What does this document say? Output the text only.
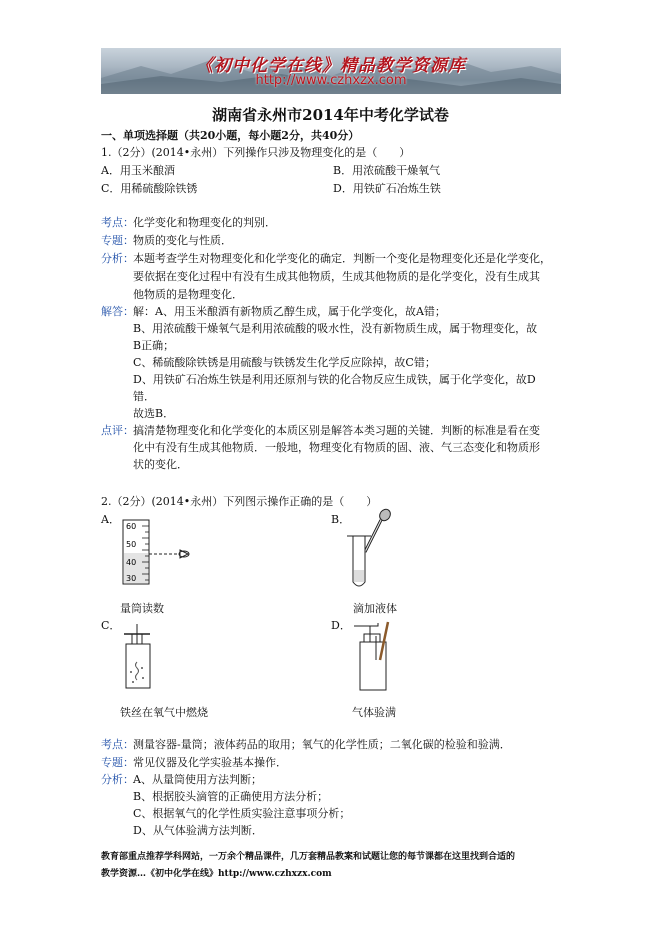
《初中化学在线》精品教学资源库
http://www.czhxzx.com
湖南省永州市2014年中考化学试卷
一、单项选择题（共20小题，每小题2分，共40分）
1.（2分）(2014•永州）下列操作只涉及物理变化的是（　　）
A．用玉米酿酒	B．用浓硫酸干燥氧气
C．用稀硫酸除铁锈	D．用铁矿石冶炼生铁
考点： 化学变化和物理变化的判别．
专题： 物质的变化与性质．
分析： 本题考查学生对物理变化和化学变化的确定．判断一个变化是物理变化还是化学变化，
要依据在变化过程中有没有生成其他物质，生成其他物质的是化学变化，没有生成其
他物质的是物理变化．
解答： 解：A、用玉米酿酒有新物质乙醇生成，属于化学变化，故A错；
B、用浓硫酸干燥氧气是利用浓硫酸的吸水性，没有新物质生成，属于物理变化，故
B正确；
C、稀硫酸除铁锈是用硫酸与铁锈发生化学反应除掉，故C错；
D、用铁矿石冶炼生铁是利用还原剂与铁的化合物反应生成铁，属于化学变化，故D
错．
故选B．
点评： 搞清楚物理变化和化学变化的本质区别是解答本类习题的关键．判断的标准是看在变
化中有没有生成其他物质．一般地，物理变化有物质的固、液、气三态变化和物质形
状的变化．
2.（2分）(2014•永州）下列图示操作正确的是（　　）
A．	B．
60
50
40
30
量筒读数	滴加液体
C．	D．
铁丝在氧气中燃烧	气体验满
考点： 测量容器-量筒；液体药品的取用；氧气的化学性质；二氧化碳的检验和验满．
专题： 常见仪器及化学实验基本操作．
分析： A、从量筒使用方法判断；
B、根据胶头滴管的正确使用方法分析；
C、根据氧气的化学性质实验注意事项分析；
D、从气体验满方法判断．
教育部重点推荐学科网站，一万余个精品课件，几万套精品教案和试题让您的每节课都在这里找到合适的
教学资源…《初中化学在线》http://www.czhxzx.com
